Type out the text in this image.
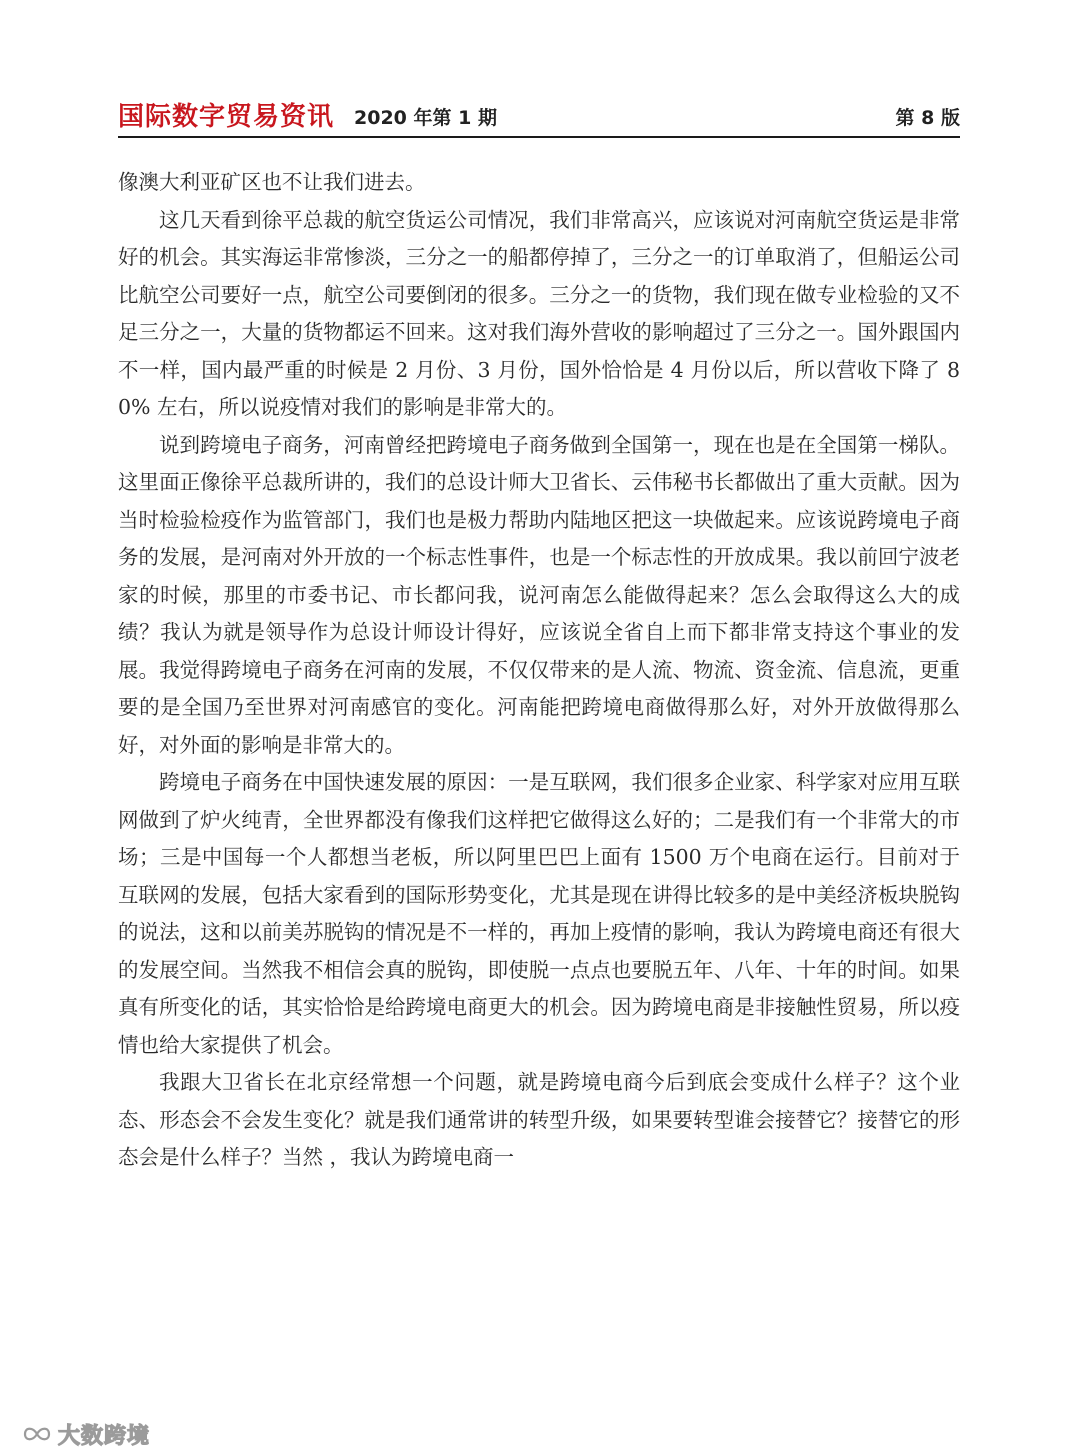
国际数字贸易资讯 2020 年第 1 期	第 8 版

像澳大利亚矿区也不让我们进去。

这几天看到徐平总裁的航空货运公司情况，我们非常高兴，应该说对河南航空货运是非常好的机会。其实海运非常惨淡，三分之一的船都停掉了，三分之一的订单取消了，但船运公司比航空公司要好一点，航空公司要倒闭的很多。三分之一的货物，我们现在做专业检验的又不足三分之一，大量的货物都运不回来。这对我们海外营收的影响超过了三分之一。国外跟国内不一样，国内最严重的时候是 2 月份、3 月份，国外恰恰是 4 月份以后，所以营收下降了 80% 左右，所以说疫情对我们的影响是非常大的。

说到跨境电子商务，河南曾经把跨境电子商务做到全国第一，现在也是在全国第一梯队。这里面正像徐平总裁所讲的，我们的总设计师大卫省长、云伟秘书长都做出了重大贡献。因为当时检验检疫作为监管部门，我们也是极力帮助内陆地区把这一块做起来。应该说跨境电子商务的发展，是河南对外开放的一个标志性事件，也是一个标志性的开放成果。我以前回宁波老家的时候，那里的市委书记、市长都问我，说河南怎么能做得起来？怎么会取得这么大的成绩？我认为就是领导作为总设计师设计得好，应该说全省自上而下都非常支持这个事业的发展。我觉得跨境电子商务在河南的发展，不仅仅带来的是人流、物流、资金流、信息流，更重要的是全国乃至世界对河南感官的变化。河南能把跨境电商做得那么好，对外开放做得那么好，对外面的影响是非常大的。

跨境电子商务在中国快速发展的原因：一是互联网，我们很多企业家、科学家对应用互联网做到了炉火纯青，全世界都没有像我们这样把它做得这么好的；二是我们有一个非常大的市场；三是中国每一个人都想当老板，所以阿里巴巴上面有 1500 万个电商在运行。目前对于互联网的发展，包括大家看到的国际形势变化，尤其是现在讲得比较多的是中美经济板块脱钩的说法，这和以前美苏脱钩的情况是不一样的，再加上疫情的影响，我认为跨境电商还有很大的发展空间。当然我不相信会真的脱钩，即使脱一点点也要脱五年、八年、十年的时间。如果真有所变化的话，其实恰恰是给跨境电商更大的机会。因为跨境电商是非接触性贸易，所以疫情也给大家提供了机会。

我跟大卫省长在北京经常想一个问题，就是跨境电商今后到底会变成什么样子？这个业态、形态会不会发生变化？就是我们通常讲的转型升级，如果要转型谁会接替它？接替它的形态会是什么样子？当然 ，我认为跨境电商一

大数跨境
